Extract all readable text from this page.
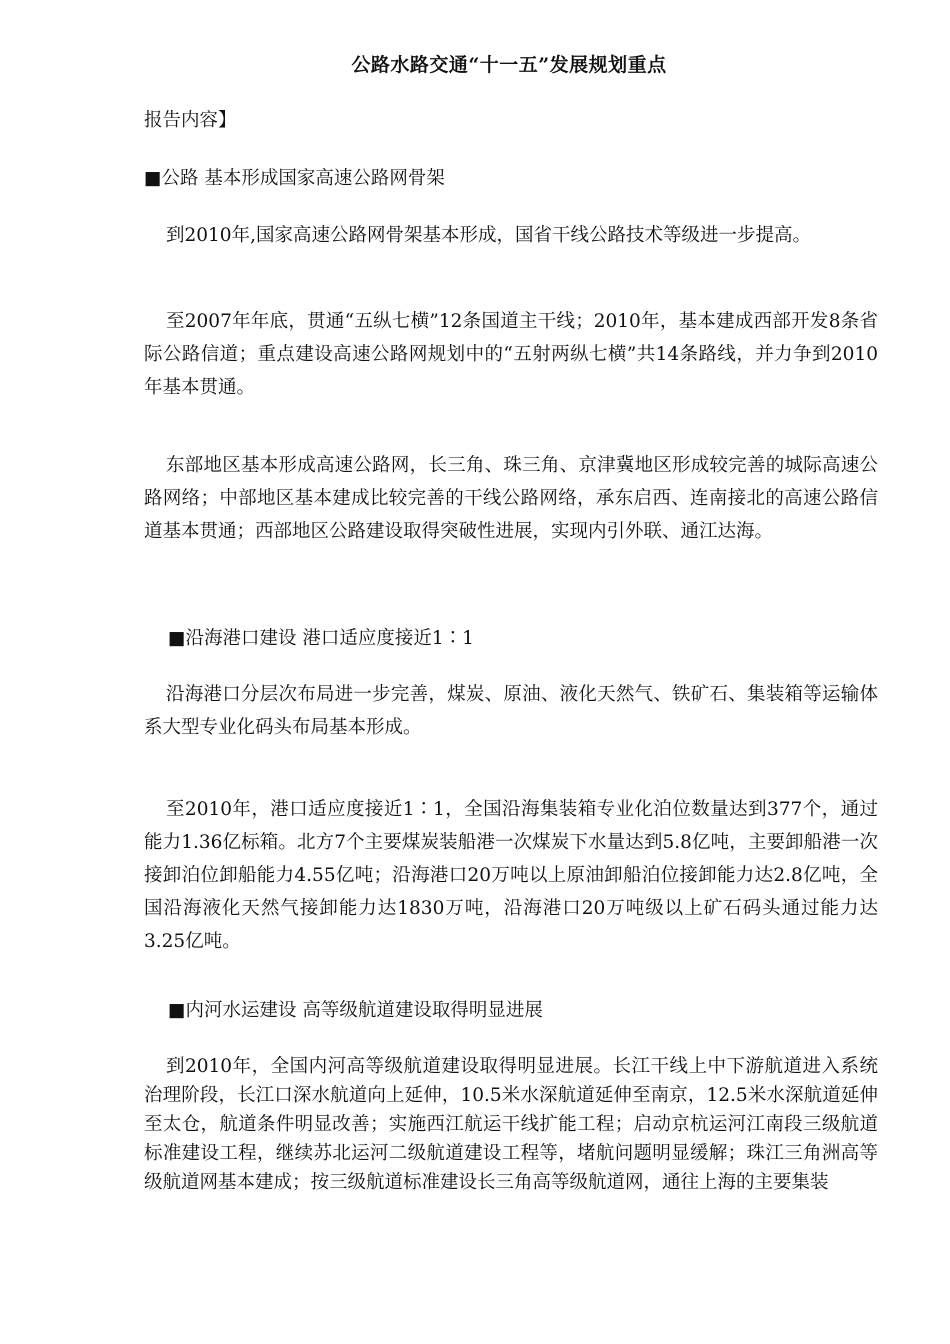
公路水路交通“十一五”发展规划重点

报告内容】

■公路 基本形成国家高速公路网骨架

到2010年,国家高速公路网骨架基本形成，国省干线公路技术等级进一步提高。

至2007年年底，贯通“五纵七横”12条国道主干线；2010年，基本建成西部开发8条省际公路信道；重点建设高速公路网规划中的“五射两纵七横”共14条路线，并力争到2010年基本贯通。

东部地区基本形成高速公路网，长三角、珠三角、京津冀地区形成较完善的城际高速公路网络；中部地区基本建成比较完善的干线公路网络，承东启西、连南接北的高速公路信道基本贯通；西部地区公路建设取得突破性进展，实现内引外联、通江达海。

■沿海港口建设 港口适应度接近1∶1

沿海港口分层次布局进一步完善，煤炭、原油、液化天然气、铁矿石、集装箱等运输体系大型专业化码头布局基本形成。

至2010年，港口适应度接近1∶1，全国沿海集装箱专业化泊位数量达到377个，通过能力1.36亿标箱。北方7个主要煤炭装船港一次煤炭下水量达到5.8亿吨，主要卸船港一次接卸泊位卸船能力4.55亿吨；沿海港口20万吨以上原油卸船泊位接卸能力达2.8亿吨，全国沿海液化天然气接卸能力达1830万吨，沿海港口20万吨级以上矿石码头通过能力达3.25亿吨。

■内河水运建设 高等级航道建设取得明显进展

到2010年，全国内河高等级航道建设取得明显进展。长江干线上中下游航道进入系统治理阶段，长江口深水航道向上延伸，10.5米水深航道延伸至南京，12.5米水深航道延伸至太仓，航道条件明显改善；实施西江航运干线扩能工程；启动京杭运河江南段三级航道标准建设工程，继续苏北运河二级航道建设工程等，堵航问题明显缓解；珠江三角洲高等级航道网基本建成；按三级航道标准建设长三角高等级航道网，通往上海的主要集装
